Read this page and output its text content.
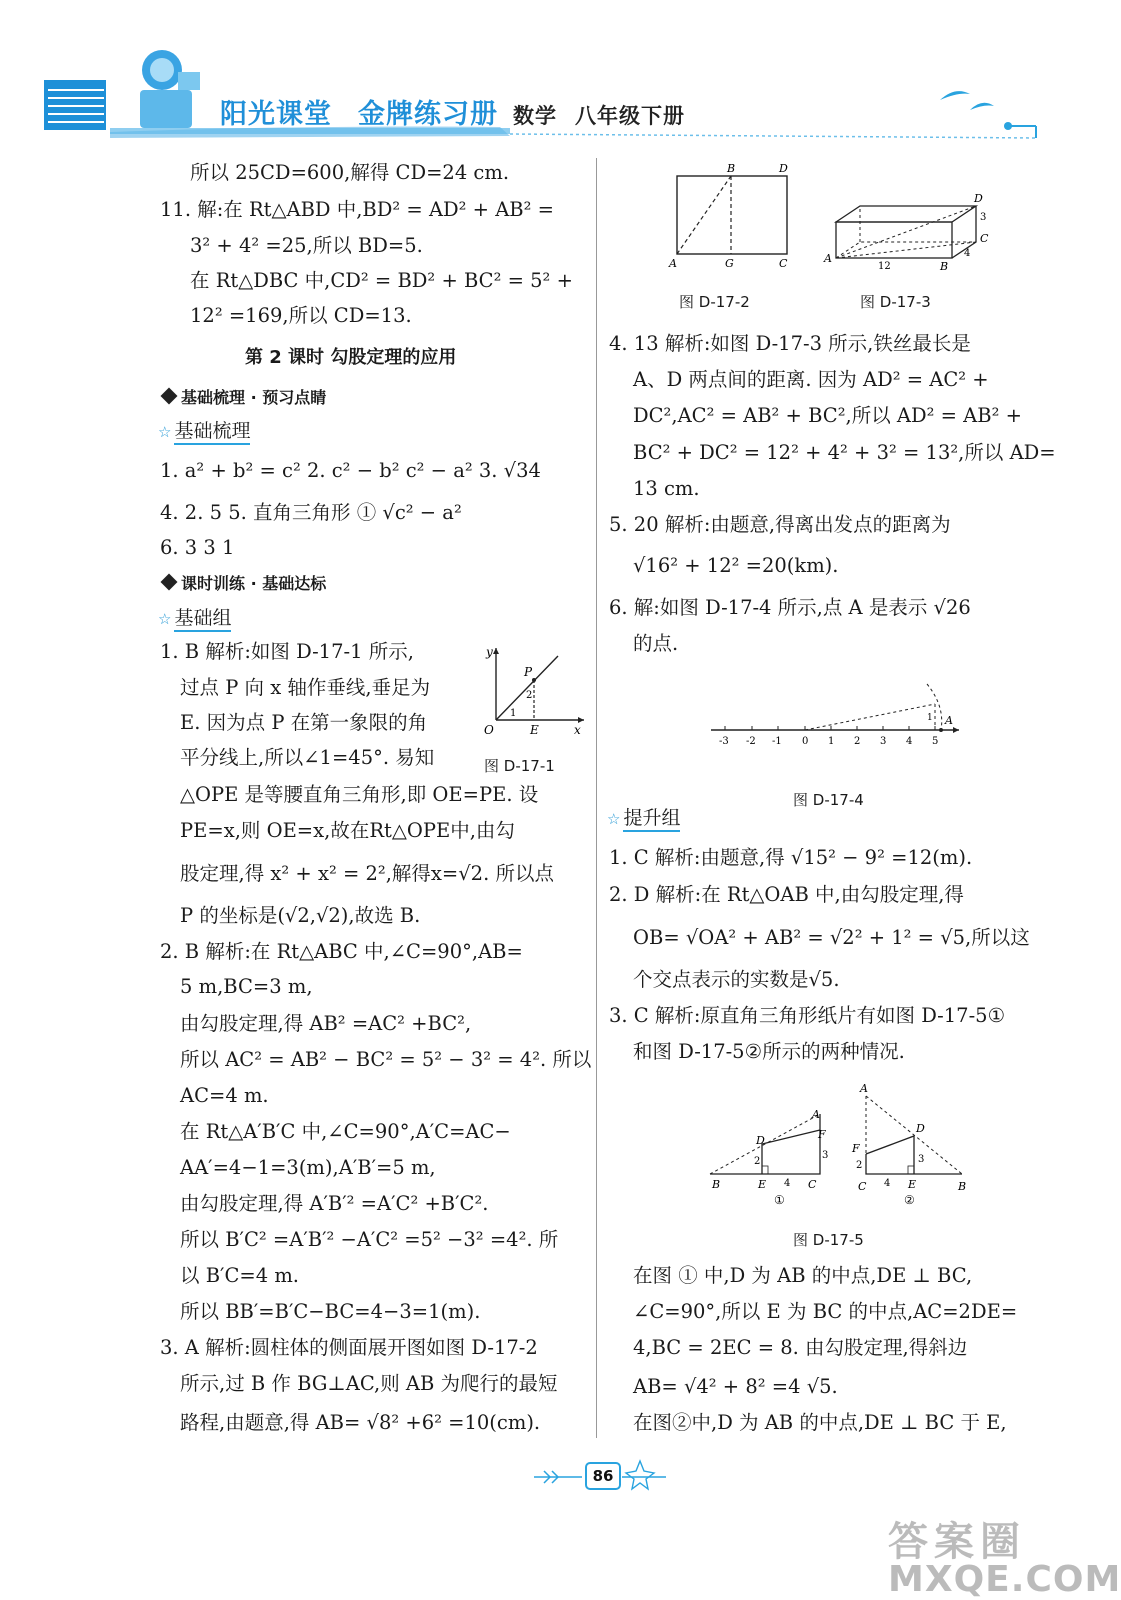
阳光课堂 金牌练习册 数学 八年级下册
所以 25CD=600,解得 CD=24 cm.
11. 解:在 Rt△ABD 中,BD² = AD² + AB² =
3² + 4² =25,所以 BD=5.
在 Rt△DBC 中,CD² = BD² + BC² = 5² +
12² =169,所以 CD=13.
第 2 课时 勾股定理的应用
基础梳理 · 预习点睛
☆ 基础梳理
1. a² + b² = c² 2. c² − b² c² − a² 3. √34
4. 2. 5 5. 直角三角形 ① √c² − a²
6. 3 3 1
课时训练 · 基础达标
☆ 基础组
1. B 解析:如图 D-17-1 所示,
过点 P 向 x 轴作垂线,垂足为
E. 因为点 P 在第一象限的角
平分线上,所以∠1=45°. 易知	图 D-17-1
△OPE 是等腰直角三角形,即 OE=PE. 设
PE=x,则 OE=x,故在Rt△OPE中,由勾
股定理,得 x² + x² = 2²,解得x=√2. 所以点
P 的坐标是(√2,√2),故选 B.
2. B 解析:在 Rt△ABC 中,∠C=90°,AB=
5 m,BC=3 m,
由勾股定理,得 AB² =AC² +BC²,
所以 AC² = AB² − BC² = 5² − 3² = 4². 所以
AC=4 m.
在 Rt△A′B′C 中,∠C=90°,A′C=AC−
AA′=4−1=3(m),A′B′=5 m,
由勾股定理,得 A′B′² =A′C² +B′C².
所以 B′C² =A′B′² −A′C² =5² −3² =4². 所
以 B′C=4 m.
所以 BB′=B′C−BC=4−3=1(m).
3. A 解析:圆柱体的侧面展开图如图 D-17-2
所示,过 B 作 BG⊥AC,则 AB 为爬行的最短
路程,由题意,得 AB= √8² +6² =10(cm).
y
x
O	E
P
1
2
图 D-17-2	图 D-17-3
4. 13 解析:如图 D-17-3 所示,铁丝最长是
A、D 两点间的距离. 因为 AD² = AC² +
DC²,AC² = AB² + BC²,所以 AD² = AB² +
BC² + DC² = 12² + 4² + 3² = 13²,所以 AD=
13 cm.
5. 20 解析:由题意,得离出发点的距离为
√16² + 12² =20(km).
6. 解:如图 D-17-4 所示,点 A 是表示 √26
的点.
图 D-17-4
☆ 提升组
1. C 解析:由题意,得 √15² − 9² =12(m).
2. D 解析:在 Rt△OAB 中,由勾股定理,得
OB= √OA² + AB² = √2² + 1² = √5,所以这
个交点表示的实数是√5.
3. C 解析:原直角三角形纸片有如图 D-17-5①
和图 D-17-5②所示的两种情况.
图 D-17-5
在图 ① 中,D 为 AB 的中点,DE ⊥ BC,
∠C=90°,所以 E 为 BC 的中点,AC=2DE=
4,BC = 2EC = 8. 由勾股定理,得斜边
AB= √4² + 8² =4 √5.
在图②中,D 为 AB 的中点,DE ⊥ BC 于 E,
A	G	C
B	D
A
B
C
D
12
4
3
-3 -2 -1 0 1 2 3 4 5
A
1
B	E	C
D
A
F
2
3
4
①
C	E	B
A
D
F
2
3
4
②
86
答案圈
MXQE.COM
